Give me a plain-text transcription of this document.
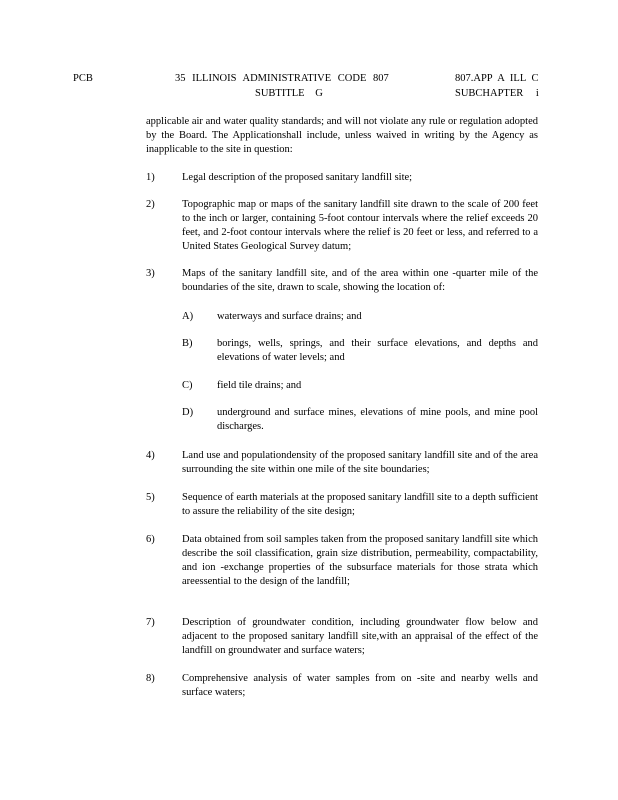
PCB	35 ILLINOIS ADMINISTRATIVE CODE 807
SUBTITLE G
807.APP A ILL C
SUBCHAPTER i
applicable air and water quality standards; and will not violate any rule or regulation adopted by the Board. The Applicationshall include, unless waived in writing by the Agency as inapplicable to the site in question:
1)	Legal description of the proposed sanitary landfill site;
2)	Topographic map or maps of the sanitary landfill site drawn to the scale of 200 feet to the inch or larger, containing 5-foot contour intervals where the relief exceeds 20 feet, and 2-foot contour intervals where the relief is 20 feet or less, and referred to a United States Geological Survey datum;
3)	Maps of the sanitary landfill site, and of the area within one -quarter mile of the boundaries of the site, drawn to scale, showing the location of:
A) waterways and surface drains; and
B) borings, wells, springs, and their surface elevations, and depths and elevations of water levels; and
C) field tile drains; and
D) underground and surface mines, elevations of mine pools, and mine pool discharges.
4)	Land use and populationdensity of the proposed sanitary landfill site and of the area surrounding the site within one mile of the site boundaries;
5)	Sequence of earth materials at the proposed sanitary landfill site to a depth sufficient to assure the reliability of the site design;
6)	Data obtained from soil samples taken from the proposed sanitary landfill site which describe the soil classification, grain size distribution, permeability, compactability, and ion -exchange properties of the subsurface materials for those strata which areessential to the design of the landfill;
7)	Description of groundwater condition, including groundwater flow below and adjacent to the proposed sanitary landfill site,with an appraisal of the effect of the landfill on groundwater and surface waters;
8)	Comprehensive analysis of water samples from on -site and nearby wells and surface waters;
